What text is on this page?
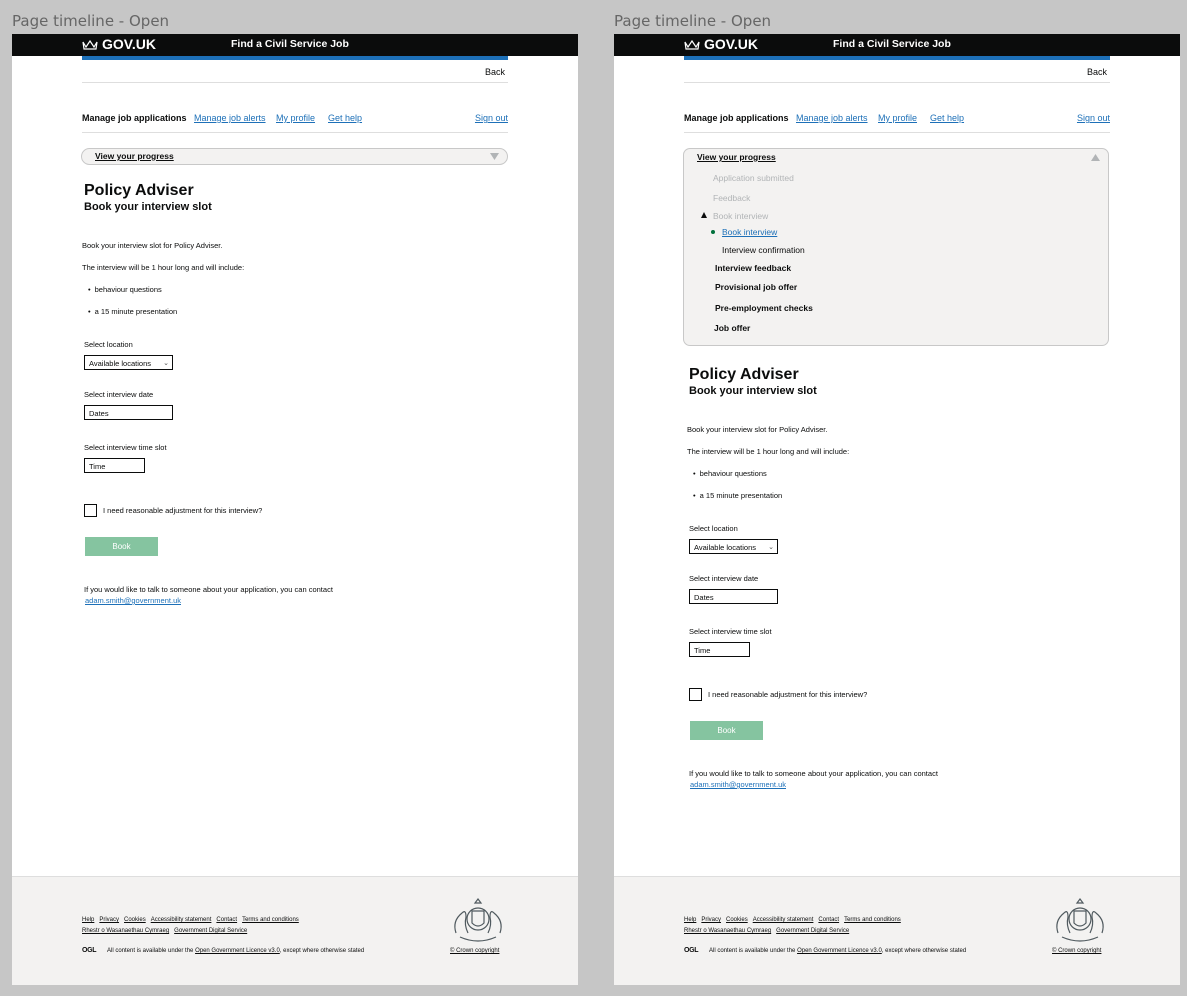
Page timeline - Open
GOV.UK	Find a Civil Service Job
Back
Manage job applications Manage job alerts My profile Get help	Sign out
View your progress
Policy Adviser
Book your interview slot
Book your interview slot for Policy Adviser.
The interview will be 1 hour long and will include:
• behaviour questions
• a 15 minute presentation
Select location
Available locations ⌄
Select interview date
Dates
Select interview time slot
Time
I need reasonable adjustment for this interview?
Book
If you would like to talk to someone about your application, you can contact
adam.smith@government.uk
Help Privacy Cookies Accessibility statement Contact Terms and conditions
Rhestr o Wasanaethau Cymraeg Government Digital Service
OGL All content is available under the Open Government Licence v3.0, except where otherwise stated	© Crown copyright
Page timeline - Open
GOV.UK	Find a Civil Service Job
Back
Manage job applications Manage job alerts My profile Get help	Sign out
View your progress
Application submitted
Feedback
Book interview
Book interview
Interview confirmation
Interview feedback
Provisional job offer
Pre-employment checks
Job offer
Policy Adviser
Book your interview slot
Book your interview slot for Policy Adviser.
The interview will be 1 hour long and will include:
• behaviour questions
• a 15 minute presentation
Select location
Available locations ⌄
Select interview date
Dates
Select interview time slot
Time
I need reasonable adjustment for this interview?
Book
If you would like to talk to someone about your application, you can contact
adam.smith@government.uk
Help Privacy Cookies Accessibility statement Contact Terms and conditions
Rhestr o Wasanaethau Cymraeg Government Digital Service
OGL All content is available under the Open Government Licence v3.0, except where otherwise stated	© Crown copyright
